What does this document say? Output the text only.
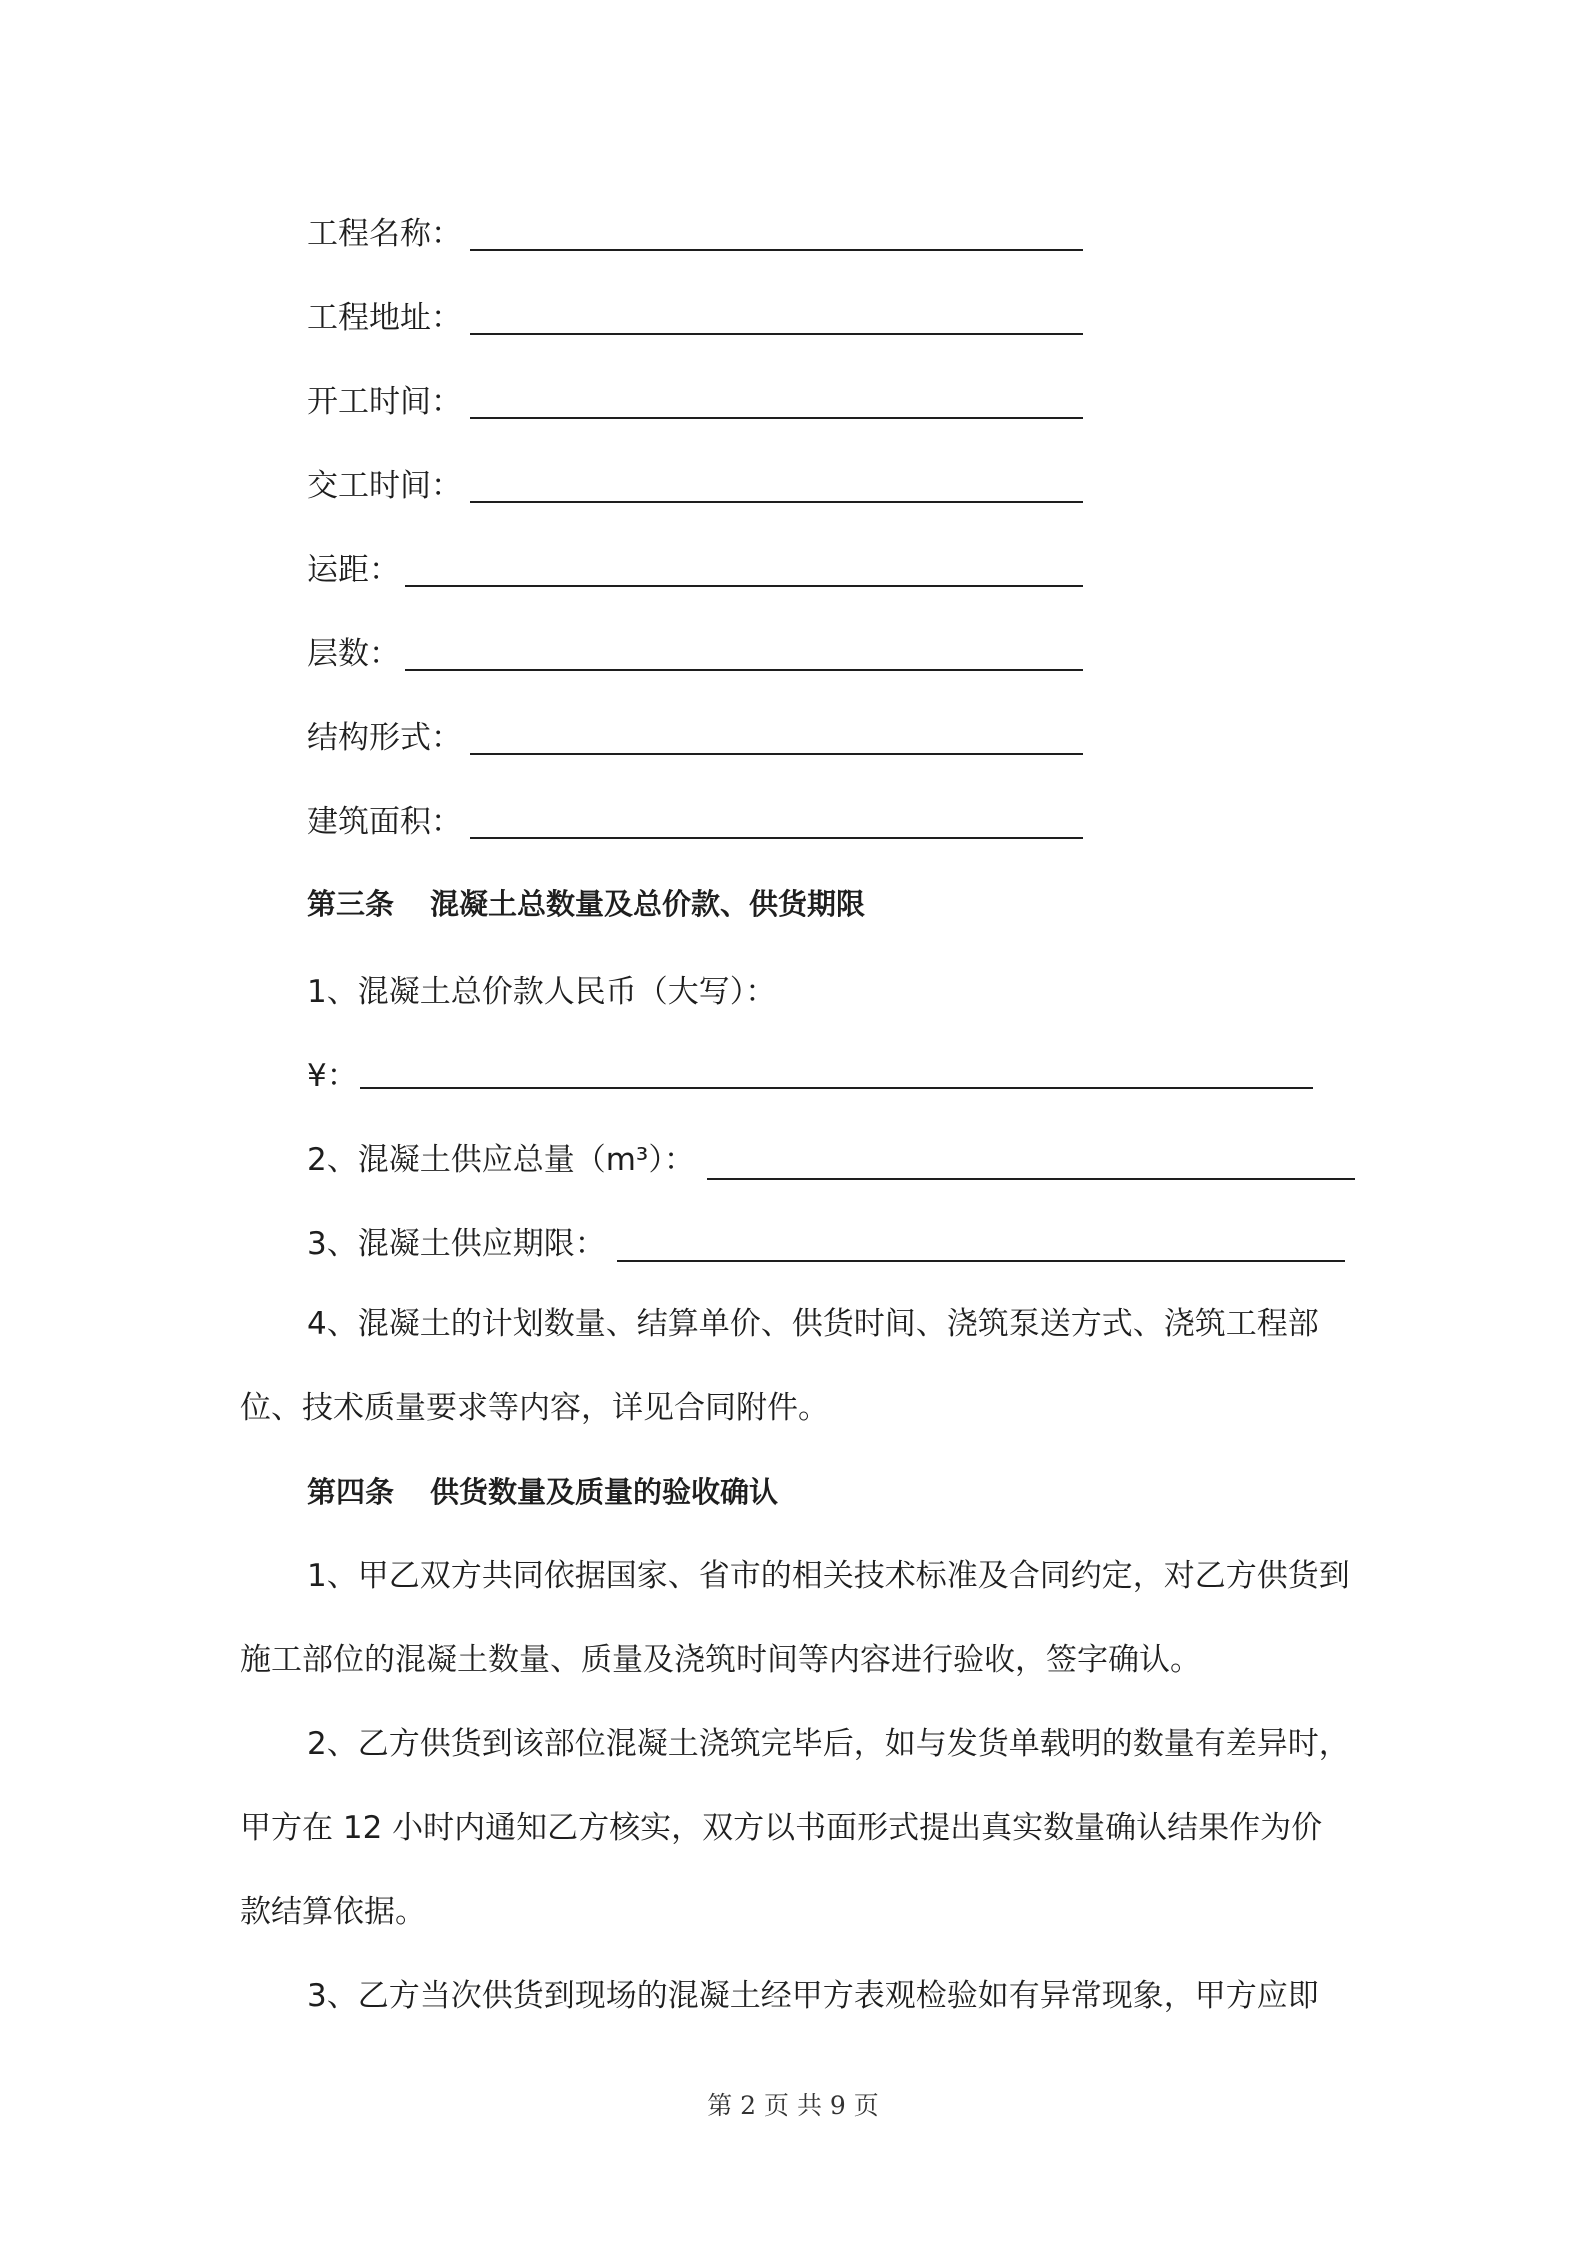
工程名称：
工程地址：
开工时间：
交工时间：
运距：
层数：
结构形式：
建筑面积：
第三条 混凝土总数量及总价款、供货期限
1、混凝土总价款人民币（大写）：
¥：
2、混凝土供应总量（m³）：
3、混凝土供应期限：
4、混凝土的计划数量、结算单价、供货时间、浇筑泵送方式、浇筑工程部位、技术质量要求等内容，详见合同附件。
第四条 供货数量及质量的验收确认
1、甲乙双方共同依据国家、省市的相关技术标准及合同约定，对乙方供货到施工部位的混凝土数量、质量及浇筑时间等内容进行验收，签字确认。
2、乙方供货到该部位混凝土浇筑完毕后，如与发货单载明的数量有差异时，甲方在 12 小时内通知乙方核实，双方以书面形式提出真实数量确认结果作为价款结算依据。
3、乙方当次供货到现场的混凝土经甲方表观检验如有异常现象，甲方应即
第 2 页 共 9 页
